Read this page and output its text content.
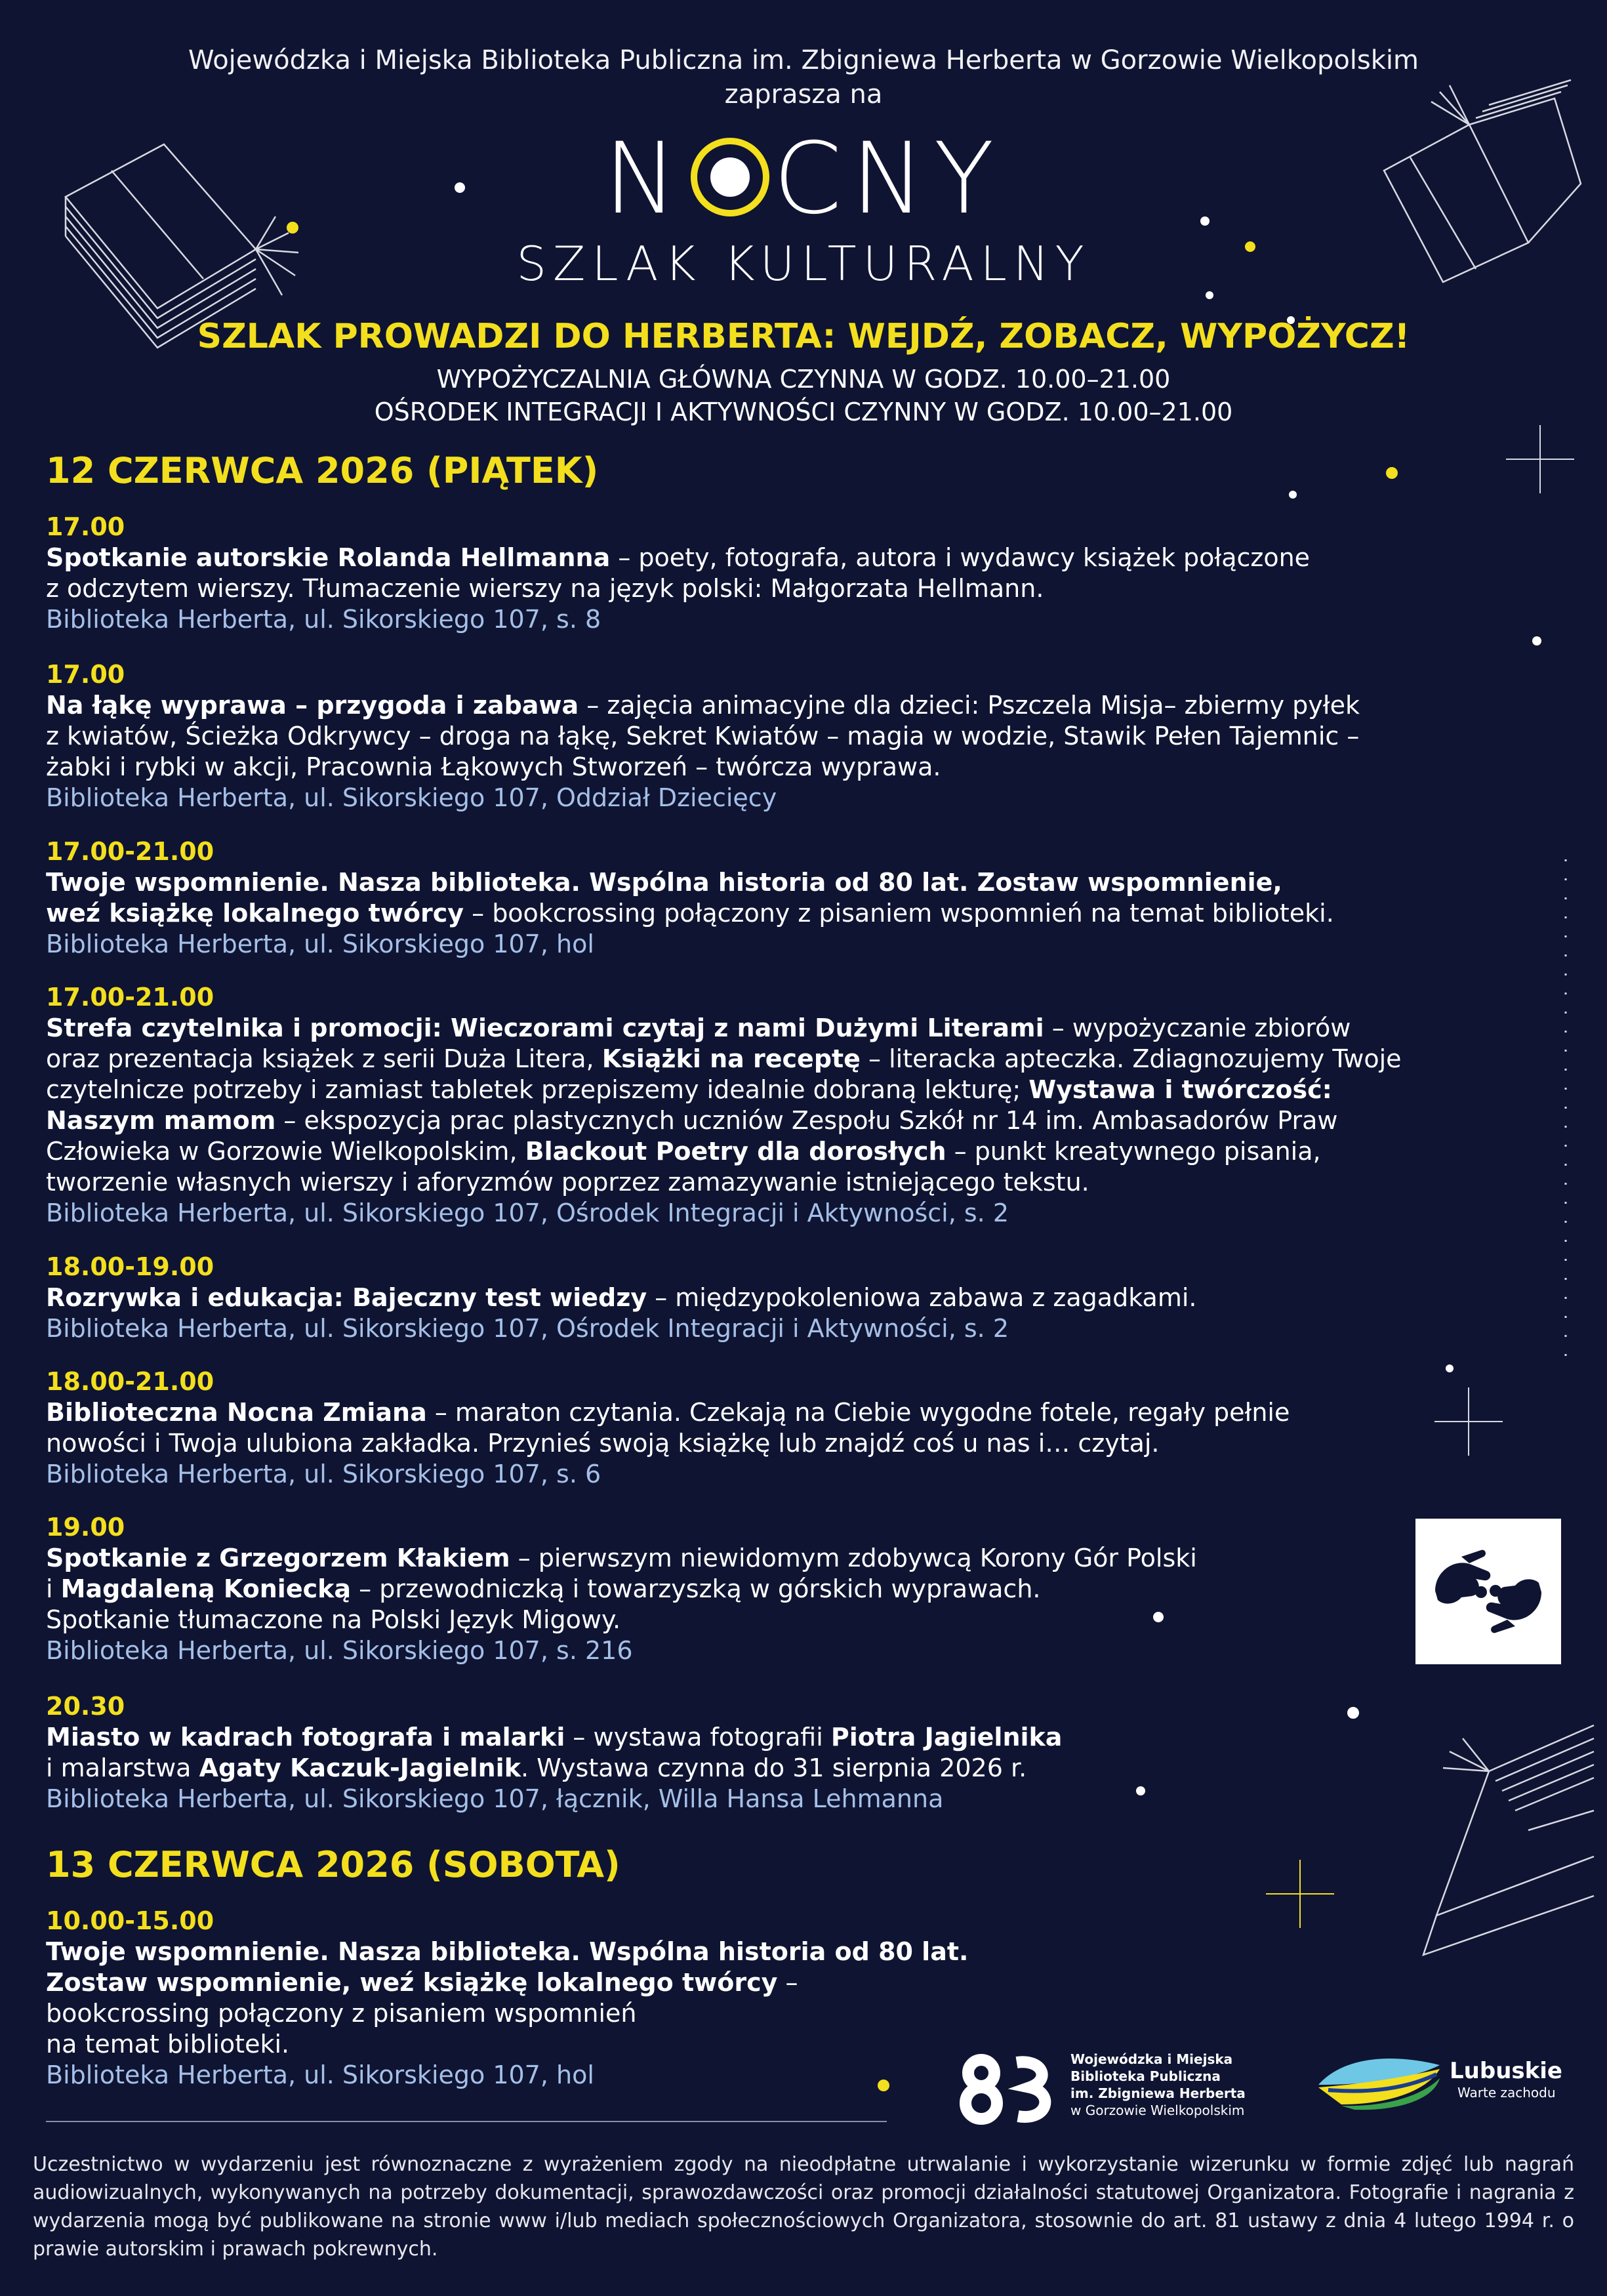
Wojewódzka i Miejska Biblioteka Publiczna im. Zbigniewa Herberta w Gorzowie Wielkopolskim
zaprasza na
N CNY
SZLAK KULTURALNY
SZLAK PROWADZI DO HERBERTA: WEJDŹ, ZOBACZ, WYPOŻYCZ!
WYPOŻYCZALNIA GŁÓWNA CZYNNA W GODZ. 10.00–21.00
OŚRODEK INTEGRACJI I AKTYWNOŚCI CZYNNY W GODZ. 10.00–21.00
12 CZERWCA 2026 (PIĄTEK)
17.00
Spotkanie autorskie Rolanda Hellmanna – poety, fotografa, autora i wydawcy książek połączone
z odczytem wierszy. Tłumaczenie wierszy na język polski: Małgorzata Hellmann.
Biblioteka Herberta, ul. Sikorskiego 107, s. 8
17.00
Na łąkę wyprawa – przygoda i zabawa – zajęcia animacyjne dla dzieci: Pszczela Misja– zbiermy pyłek
z kwiatów, Ścieżka Odkrywcy – droga na łąkę, Sekret Kwiatów – magia w wodzie, Stawik Pełen Tajemnic –
żabki i rybki w akcji, Pracownia Łąkowych Stworzeń – twórcza wyprawa.
Biblioteka Herberta, ul. Sikorskiego 107, Oddział Dziecięcy
17.00-21.00
Twoje wspomnienie. Nasza biblioteka. Wspólna historia od 80 lat. Zostaw wspomnienie,
weź książkę lokalnego twórcy – bookcrossing połączony z pisaniem wspomnień na temat biblioteki.
Biblioteka Herberta, ul. Sikorskiego 107, hol
17.00-21.00
Strefa czytelnika i promocji: Wieczorami czytaj z nami Dużymi Literami – wypożyczanie zbiorów
oraz prezentacja książek z serii Duża Litera, Książki na receptę – literacka apteczka. Zdiagnozujemy Twoje
czytelnicze potrzeby i zamiast tabletek przepiszemy idealnie dobraną lekturę; Wystawa i twórczość:
Naszym mamom – ekspozycja prac plastycznych uczniów Zespołu Szkół nr 14 im. Ambasadorów Praw
Człowieka w Gorzowie Wielkopolskim, Blackout Poetry dla dorosłych – punkt kreatywnego pisania,
tworzenie własnych wierszy i aforyzmów poprzez zamazywanie istniejącego tekstu.
Biblioteka Herberta, ul. Sikorskiego 107, Ośrodek Integracji i Aktywności, s. 2
18.00-19.00
Rozrywka i edukacja: Bajeczny test wiedzy – międzypokoleniowa zabawa z zagadkami.
Biblioteka Herberta, ul. Sikorskiego 107, Ośrodek Integracji i Aktywności, s. 2
18.00-21.00
Biblioteczna Nocna Zmiana – maraton czytania. Czekają na Ciebie wygodne fotele, regały pełnie
nowości i Twoja ulubiona zakładka. Przynieś swoją książkę lub znajdź coś u nas i… czytaj.
Biblioteka Herberta, ul. Sikorskiego 107, s. 6
19.00
Spotkanie z Grzegorzem Kłakiem – pierwszym niewidomym zdobywcą Korony Gór Polski
i Magdaleną Koniecką – przewodniczką i towarzyszką w górskich wyprawach.
Spotkanie tłumaczone na Polski Język Migowy.
Biblioteka Herberta, ul. Sikorskiego 107, s. 216
20.30
Miasto w kadrach fotografa i malarki – wystawa fotografii Piotra Jagielnika
i malarstwa Agaty Kaczuk-Jagielnik. Wystawa czynna do 31 sierpnia 2026 r.
Biblioteka Herberta, ul. Sikorskiego 107, łącznik, Willa Hansa Lehmanna
13 CZERWCA 2026 (SOBOTA)
10.00-15.00
Twoje wspomnienie. Nasza biblioteka. Wspólna historia od 80 lat.
Zostaw wspomnienie, weź książkę lokalnego twórcy –
bookcrossing połączony z pisaniem wspomnień
na temat biblioteki.
Biblioteka Herberta, ul. Sikorskiego 107, hol
Wojewódzka i Miejska
Biblioteka Publiczna
im. Zbigniewa Herberta
w Gorzowie Wielkopolskim
Lubuskie
Warte zachodu
Uczestnictwo w wydarzeniu jest równoznaczne z wyrażeniem zgody na nieodpłatne utrwalanie i wykorzystanie wizerunku w formie zdjęć lub nagrań audiowizualnych, wykonywanych na potrzeby dokumentacji, sprawozdawczości oraz promocji działalności statutowej Organizatora. Fotografie i nagrania z wydarzenia mogą być publikowane na stronie www i/lub mediach społecznościowych Organizatora, stosownie do art. 81 ustawy z dnia 4 lutego 1994 r. o prawie autorskim i prawach pokrewnych.
